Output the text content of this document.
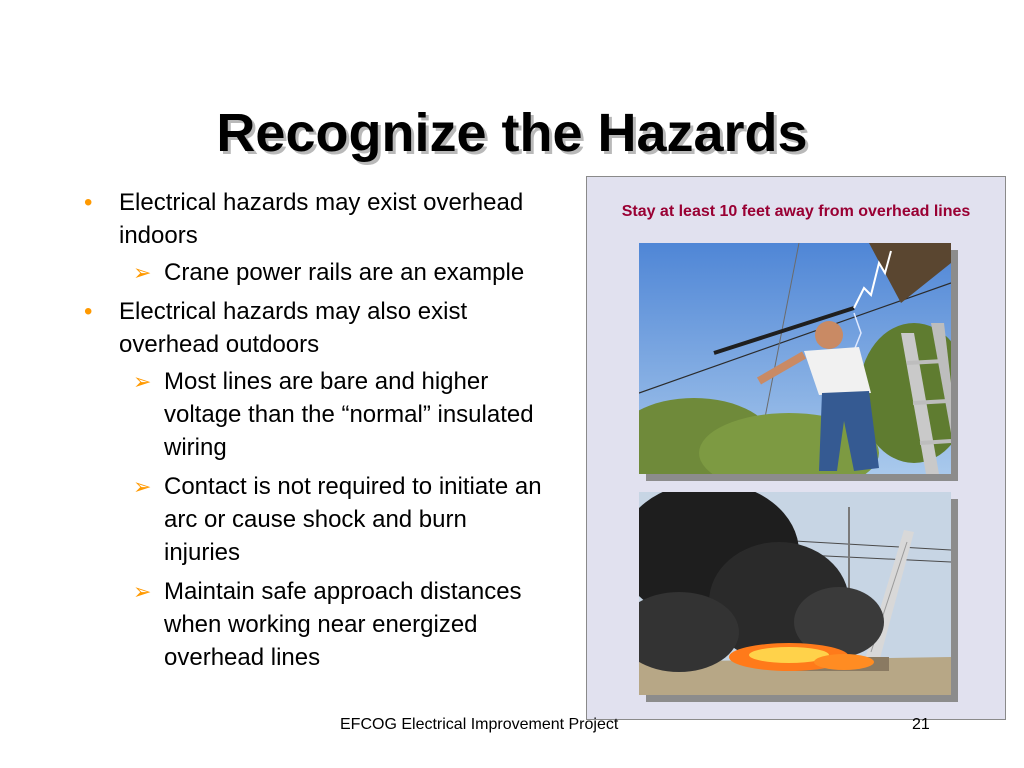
Recognize the Hazards
•
Electrical hazards may exist overhead indoors
➢
Crane power rails are an example
•
Electrical hazards may also exist overhead outdoors
➢
Most lines are bare and higher voltage than the “normal” insulated wiring
➢
Contact is not required to initiate an arc or cause shock and burn injuries
➢
Maintain safe approach distances when working near energized overhead lines
Stay at least 10 feet away from overhead lines
EFCOG Electrical Improvement Project	21
